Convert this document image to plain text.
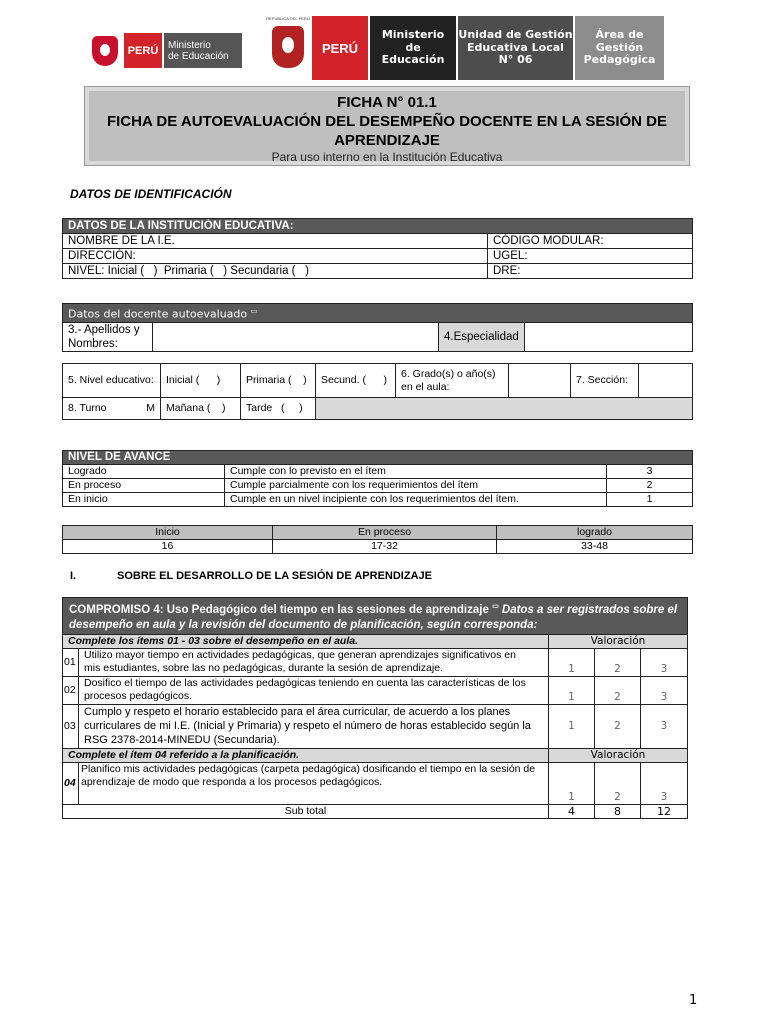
PERÚ Ministerio
de Educación
REPÚBLICA DEL PERÚ
PERÚ
Ministerio
de
Educación
Unidad de Gestión
Educativa Local
N° 06
Área de
Gestión
Pedagógica
FICHA N° 01.1
FICHA DE AUTOEVALUACIÓN DEL DESEMPEÑO DOCENTE EN LA SESIÓN DE
APRENDIZAJE
Para uso interno en la Institución Educativa
DATOS DE IDENTIFICACIÓN
DATOS DE LA INSTITUCIÓN EDUCATIVA:	
NOMBRE DE LA I.E.	CÓDIGO MODULAR:
DIRECCIÓN:	UGEL:
NIVEL: Inicial (   )  Primaria (   ) Secundaria (   )	DRE:
Datos del docente autoevaluado ▭
3.- Apellidos y Nombres:		4.Especialidad	
5. Nivel educativo:	Inicial (      )	Primaria (    )	Secund. (      )	6. Grado(s) o año(s) en el aula:		7. Sección:	
8. Turno M	Mañana (    )	Tarde   (     )					
NIVEL DE AVANCE		
Logrado	Cumple con lo previsto en el ítem	3
En proceso	Cumple parcialmente con los requerimientos del ítem	2
En inicio	Cumple en un nivel incipiente con los requerimientos del ítem.	1
Inicio	En proceso	logrado
16	17-32	33-48
I.	SOBRE EL DESARROLLO DE LA SESIÓN DE APRENDIZAJE
COMPROMISO 4: Uso Pedagógico del tiempo en las sesiones de aprendizaje ▭ Datos a ser registrados sobre el desempeño en aula y la revisión del documento de planificación, según corresponda:				
Complete los ítems 01 - 03 sobre el desempeño en el aula.		Valoración		
01	Utilizo mayor tiempo en actividades pedagógicas, que generan aprendizajes significativos en
mis estudiantes, sobre las no pedagógicas, durante la sesión de aprendizaje.	1	2	3
02	Dosifico el tiempo de las actividades pedagógicas teniendo en cuenta las características de los
procesos pedagógicos.	1	2	3
03	Cumplo y respeto el horario establecido para el área curricular, de acuerdo a los planes
curriculares de mi I.E. (Inicial y Primaria) y respeto el número de horas establecido según la
RSG 2378-2014-MINEDU (Secundaria).	1	2	3
Complete el ítem 04 referido a la planificación.		Valoración		
04	Planifico mis actividades pedagógicas (carpeta pedagógica) dosificando el tiempo en la sesión de
aprendizaje de modo que responda a los procesos pedagógicos.	1	2	3
Sub total		4	8	12
1
